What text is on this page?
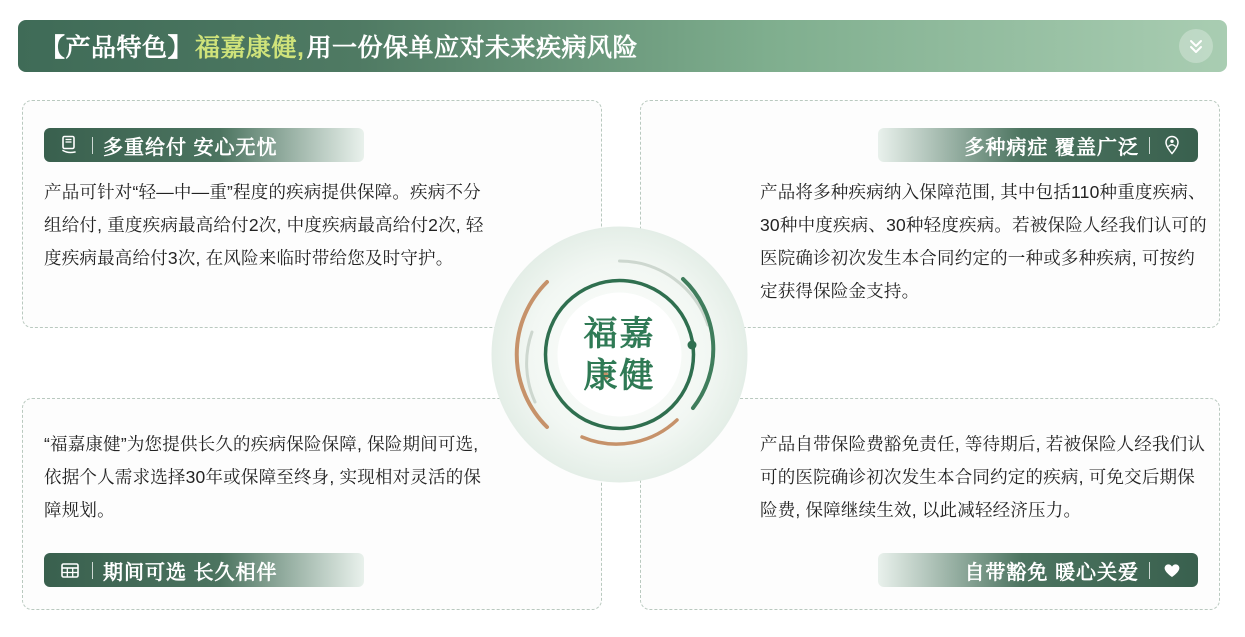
【产品特色】 福嘉康健, 用一份保单应对未来疾病风险
多重给付 安心无忧	多种病症 覆盖广泛
期间可选 长久相伴	自带豁免 暖心关爱
产品可针对“轻—中—重”程度的疾病提供保障。疾病不分组给付, 重度疾病最高给付2次, 中度疾病最高给付2次, 轻度疾病最高给付3次, 在风险来临时带给您及时守护。
产品将多种疾病纳入保障范围, 其中包括110种重度疾病、30种中度疾病、30种轻度疾病。若被保险人经我们认可的医院确诊初次发生本合同约定的一种或多种疾病, 可按约定获得保险金支持。
“福嘉康健”为您提供长久的疾病保险保障, 保险期间可选, 依据个人需求选择30年或保障至终身, 实现相对灵活的保障规划。
产品自带保险费豁免责任, 等待期后, 若被保险人经我们认可的医院确诊初次发生本合同约定的疾病, 可免交后期保险费, 保障继续生效, 以此减轻经济压力。
福嘉
康健
